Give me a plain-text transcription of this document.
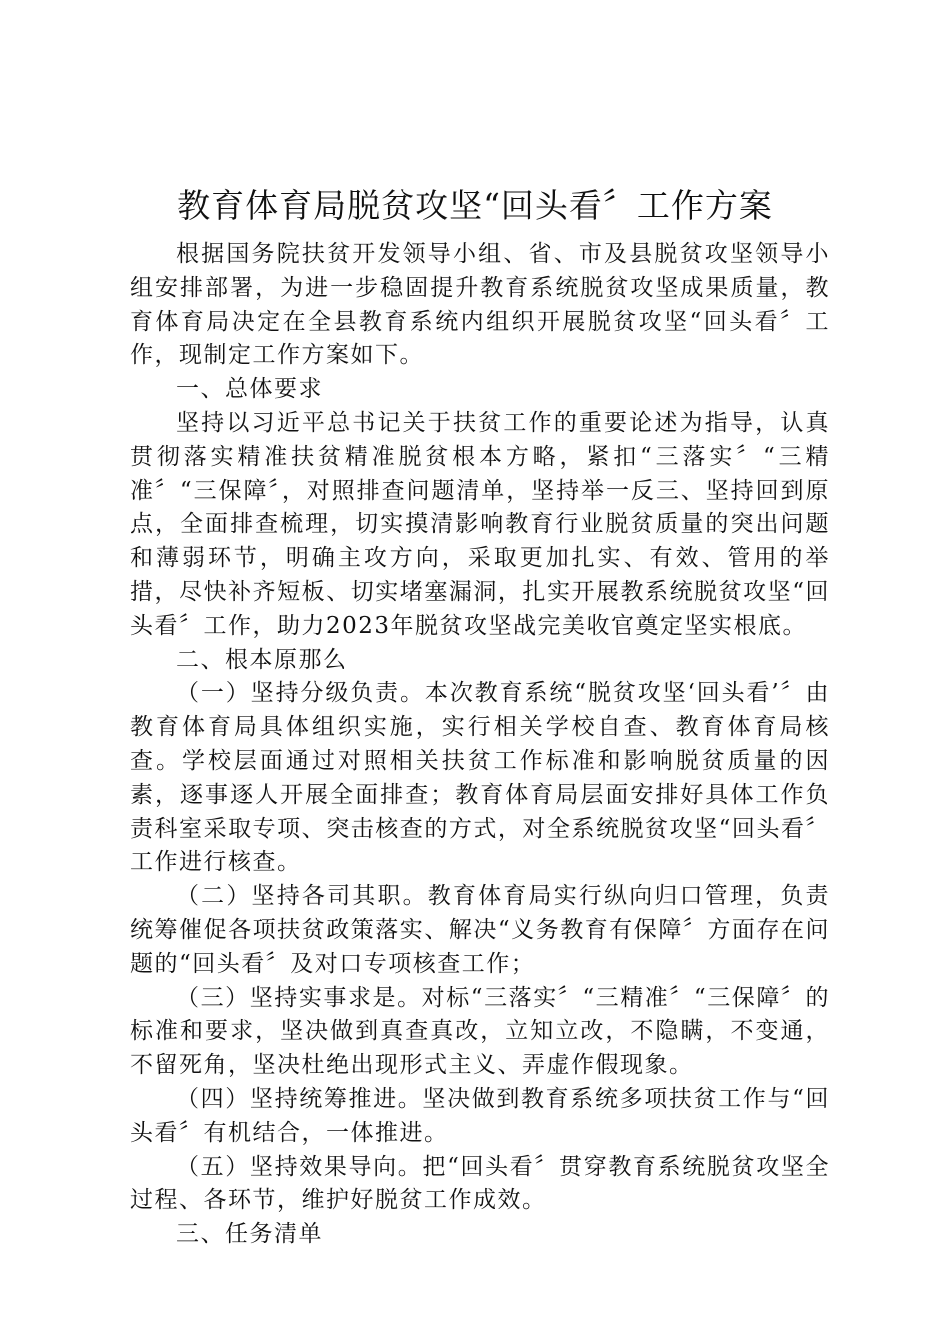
教育体育局脱贫攻坚“回头看〞工作方案

根据国务院扶贫开发领导小组、省、市及县脱贫攻坚领导小组安排部署，为进一步稳固提升教育系统脱贫攻坚成果质量，教育体育局决定在全县教育系统内组织开展脱贫攻坚“回头看〞工作，现制定工作方案如下。

一、总体要求

坚持以习近平总书记关于扶贫工作的重要论述为指导，认真贯彻落实精准扶贫精准脱贫根本方略，紧扣“三落实〞“三精准〞“三保障〞，对照排查问题清单，坚持举一反三、坚持回到原点，全面排查梳理，切实摸清影响教育行业脱贫质量的突出问题和薄弱环节，明确主攻方向，采取更加扎实、有效、管用的举措，尽快补齐短板、切实堵塞漏洞，扎实开展教系统脱贫攻坚“回头看〞工作，助力2023年脱贫攻坚战完美收官奠定坚实根底。

二、根本原那么

（一）坚持分级负责。本次教育系统“脱贫攻坚‘回头看’〞由教育体育局具体组织实施，实行相关学校自查、教育体育局核查。学校层面通过对照相关扶贫工作标准和影响脱贫质量的因素，逐事逐人开展全面排查；教育体育局层面安排好具体工作负责科室采取专项、突击核查的方式，对全系统脱贫攻坚“回头看〞工作进行核查。

（二）坚持各司其职。教育体育局实行纵向归口管理，负责统筹催促各项扶贫政策落实、解决“义务教育有保障〞方面存在问题的“回头看〞及对口专项核查工作；

（三）坚持实事求是。对标“三落实〞“三精准〞“三保障〞的标准和要求，坚决做到真查真改，立知立改，不隐瞒，不变通，不留死角，坚决杜绝出现形式主义、弄虚作假现象。

（四）坚持统筹推进。坚决做到教育系统多项扶贫工作与“回头看〞有机结合，一体推进。

（五）坚持效果导向。把“回头看〞贯穿教育系统脱贫攻坚全过程、各环节，维护好脱贫工作成效。

三、任务清单
